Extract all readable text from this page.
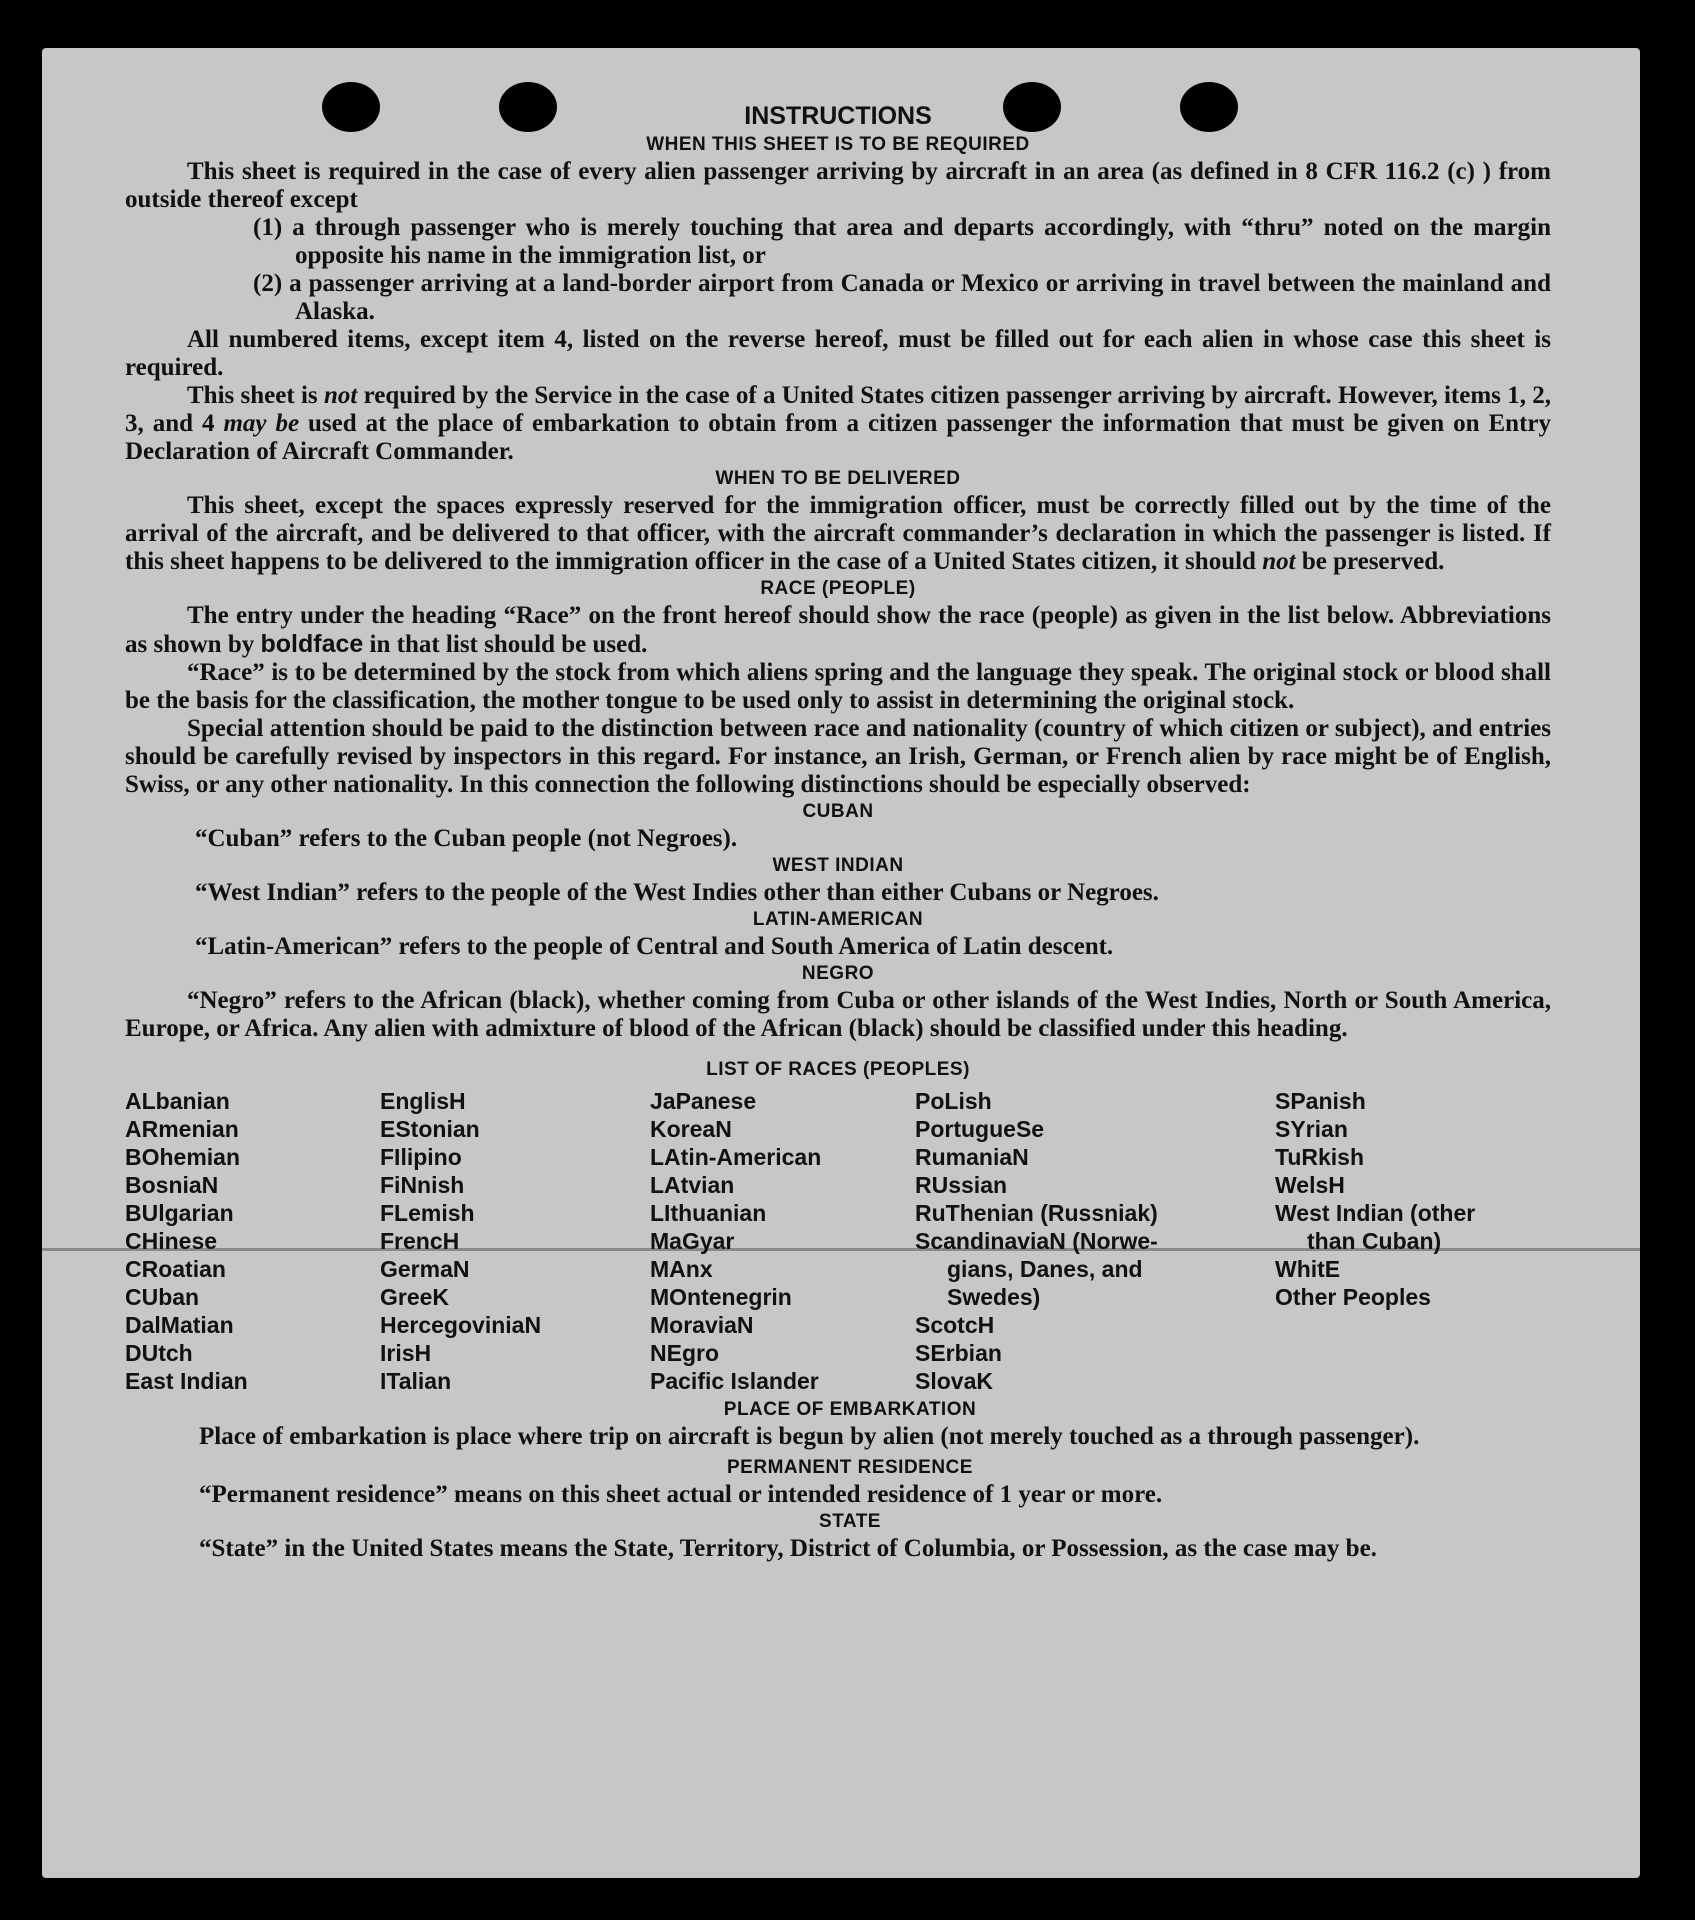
INSTRUCTIONS
WHEN THIS SHEET IS TO BE REQUIRED

This sheet is required in the case of every alien passenger arriving by aircraft in an area (as defined in 8 CFR 116.2 (c) ) from outside thereof except

(1) a through passenger who is merely touching that area and departs accordingly, with “thru” noted on the margin opposite his name in the immigration list, or

(2) a passenger arriving at a land-border airport from Canada or Mexico or arriving in travel between the mainland and Alaska.

All numbered items, except item 4, listed on the reverse hereof, must be filled out for each alien in whose case this sheet is required.

This sheet is not required by the Service in the case of a United States citizen passenger arriving by aircraft. However, items 1, 2, 3, and 4 may be used at the place of embarkation to obtain from a citizen passenger the information that must be given on Entry Declaration of Aircraft Commander.

WHEN TO BE DELIVERED

This sheet, except the spaces expressly reserved for the immigration officer, must be correctly filled out by the time of the arrival of the aircraft, and be delivered to that officer, with the aircraft commander’s declaration in which the passenger is listed. If this sheet happens to be delivered to the immigration officer in the case of a United States citizen, it should not be preserved.

RACE (PEOPLE)

The entry under the heading “Race” on the front hereof should show the race (people) as given in the list below. Abbreviations as shown by boldface in that list should be used.

“Race” is to be determined by the stock from which aliens spring and the language they speak. The original stock or blood shall be the basis for the classification, the mother tongue to be used only to assist in determining the original stock.

Special attention should be paid to the distinction between race and nationality (country of which citizen or subject), and entries should be carefully revised by inspectors in this regard. For instance, an Irish, German, or French alien by race might be of English, Swiss, or any other nationality. In this connection the following distinctions should be especially observed:

CUBAN

“Cuban” refers to the Cuban people (not Negroes).

WEST INDIAN

“West Indian” refers to the people of the West Indies other than either Cubans or Negroes.

LATIN-AMERICAN

“Latin-American” refers to the people of Central and South America of Latin descent.

NEGRO

“Negro” refers to the African (black), whether coming from Cuba or other islands of the West Indies, North or South America, Europe, or Africa. Any alien with admixture of blood of the African (black) should be classified under this heading.

LIST OF RACES (PEOPLES)
ALbanian
ARmenian
BOhemian
BosniaN
BUlgarian
CHinese
CRoatian
CUban
DalMatian
DUtch
East Indian
EnglisH
EStonian
FIlipino
FiNnish
FLemish
FrencH
GermaN
GreeK
HercegoviniaN
IrisH
ITalian
JaPanese
KoreaN
LAtin-American
LAtvian
LIthuanian
MaGyar
MAnx
MOntenegrin
MoraviaN
NEgro
Pacific Islander
PoLish
PortugueSe
RumaniaN
RUssian
RuThenian (Russniak)
ScandinaviaN (Norwe-
gians, Danes, and
Swedes)
ScotcH
SErbian
SlovaK
SPanish
SYrian
TuRkish
WelsH
West Indian (other
than Cuban)
WhitE
Other Peoples
PLACE OF EMBARKATION

Place of embarkation is place where trip on aircraft is begun by alien (not merely touched as a through passenger).

PERMANENT RESIDENCE

“Permanent residence” means on this sheet actual or intended residence of 1 year or more.

STATE

“State” in the United States means the State, Territory, District of Columbia, or Possession, as the case may be.
